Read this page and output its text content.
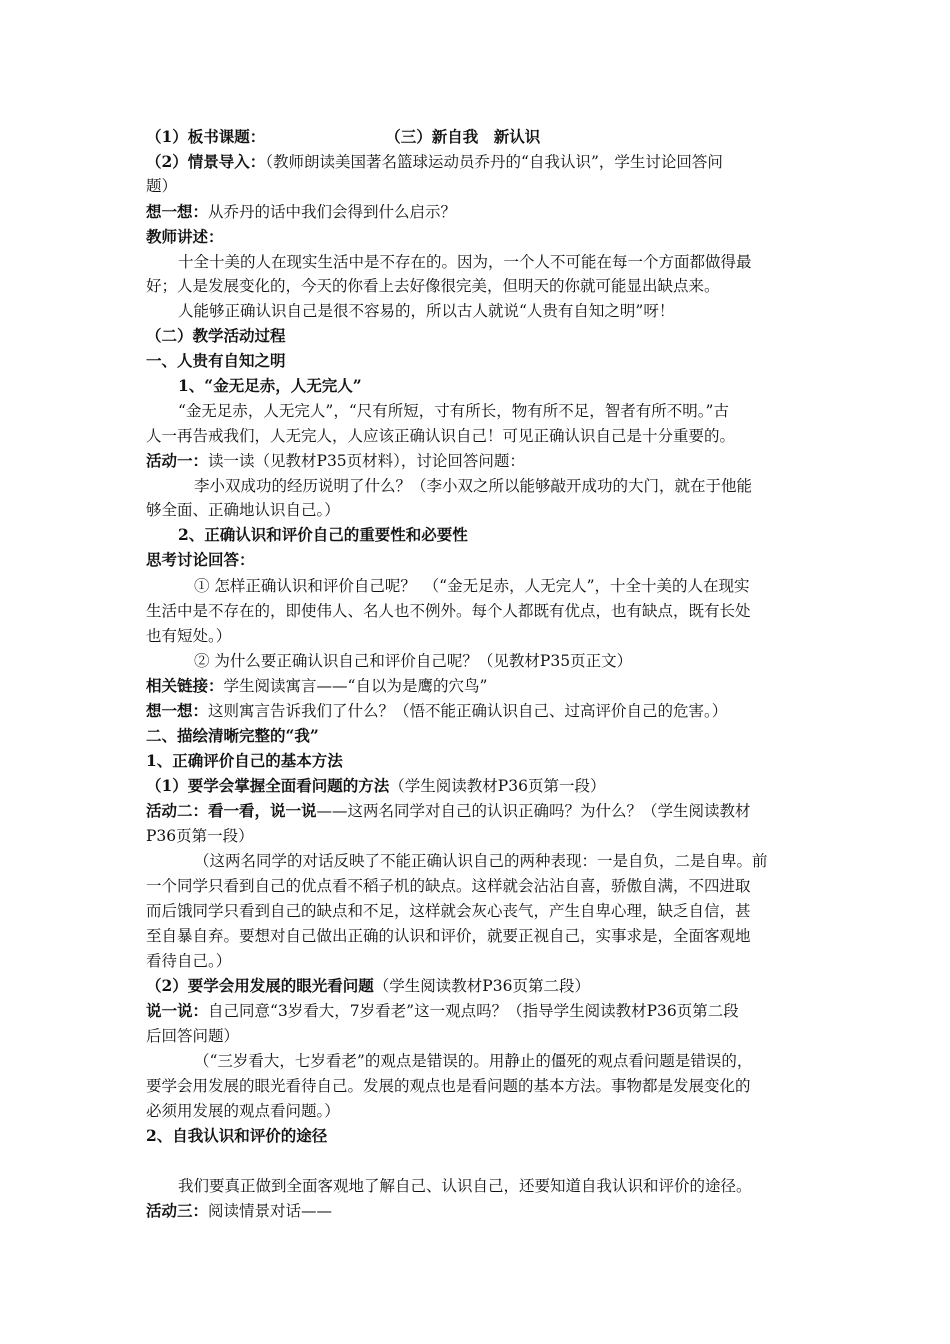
（1）板书课题：	（三）新自我　新认识
（2）情景导入：（教师朗读美国著名篮球运动员乔丹的“自我认识”，学生讨论回答问
题）
想一想：从乔丹的话中我们会得到什么启示？
教师讲述：
十全十美的人在现实生活中是不存在的。因为，一个人不可能在每一个方面都做得最
好；人是发展变化的，今天的你看上去好像很完美，但明天的你就可能显出缺点来。
人能够正确认识自己是很不容易的，所以古人就说“人贵有自知之明”呀！
（二）教学活动过程
一、人贵有自知之明
1、“金无足赤，人无完人”
“金无足赤，人无完人”，“尺有所短，寸有所长，物有所不足，智者有所不明。”古
人一再告戒我们，人无完人，人应该正确认识自己！可见正确认识自己是十分重要的。
活动一：读一读（见教材P35页材料），讨论回答问题：
李小双成功的经历说明了什么？（李小双之所以能够敲开成功的大门，就在于他能
够全面、正确地认识自己。）
2、正确认识和评价自己的重要性和必要性
思考讨论回答：
① 怎样正确认识和评价自己呢？　（“金无足赤，人无完人”，十全十美的人在现实
生活中是不存在的，即使伟人、名人也不例外。每个人都既有优点，也有缺点，既有长处
也有短处。）
② 为什么要正确认识自己和评价自己呢？（见教材P35页正文）
相关链接：学生阅读寓言——“自以为是鹰的穴鸟”
想一想：这则寓言告诉我们了什么？（悟不能正确认识自己、过高评价自己的危害。）
二、描绘清晰完整的“我”
1、正确评价自己的基本方法
（1）要学会掌握全面看问题的方法（学生阅读教材P36页第一段）
活动二：看一看，说一说——这两名同学对自己的认识正确吗？为什么？（学生阅读教材
P36页第一段）
（这两名同学的对话反映了不能正确认识自己的两种表现：一是自负，二是自卑。前
一个同学只看到自己的优点看不稻子机的缺点。这样就会沾沾自喜，骄傲自满，不四进取
而后饿同学只看到自己的缺点和不足，这样就会灰心丧气，产生自卑心理，缺乏自信，甚
至自暴自弃。要想对自己做出正确的认识和评价，就要正视自己，实事求是，全面客观地
看待自己。）
（2）要学会用发展的眼光看问题（学生阅读教材P36页第二段）
说一说：自己同意“3岁看大，7岁看老”这一观点吗？（指导学生阅读教材P36页第二段
后回答问题）
（“三岁看大，七岁看老”的观点是错误的。用静止的僵死的观点看问题是错误的，
要学会用发展的眼光看待自己。发展的观点也是看问题的基本方法。事物都是发展变化的
必须用发展的观点看问题。）
2、自我认识和评价的途径
我们要真正做到全面客观地了解自己、认识自己，还要知道自我认识和评价的途径。
活动三：阅读情景对话——
